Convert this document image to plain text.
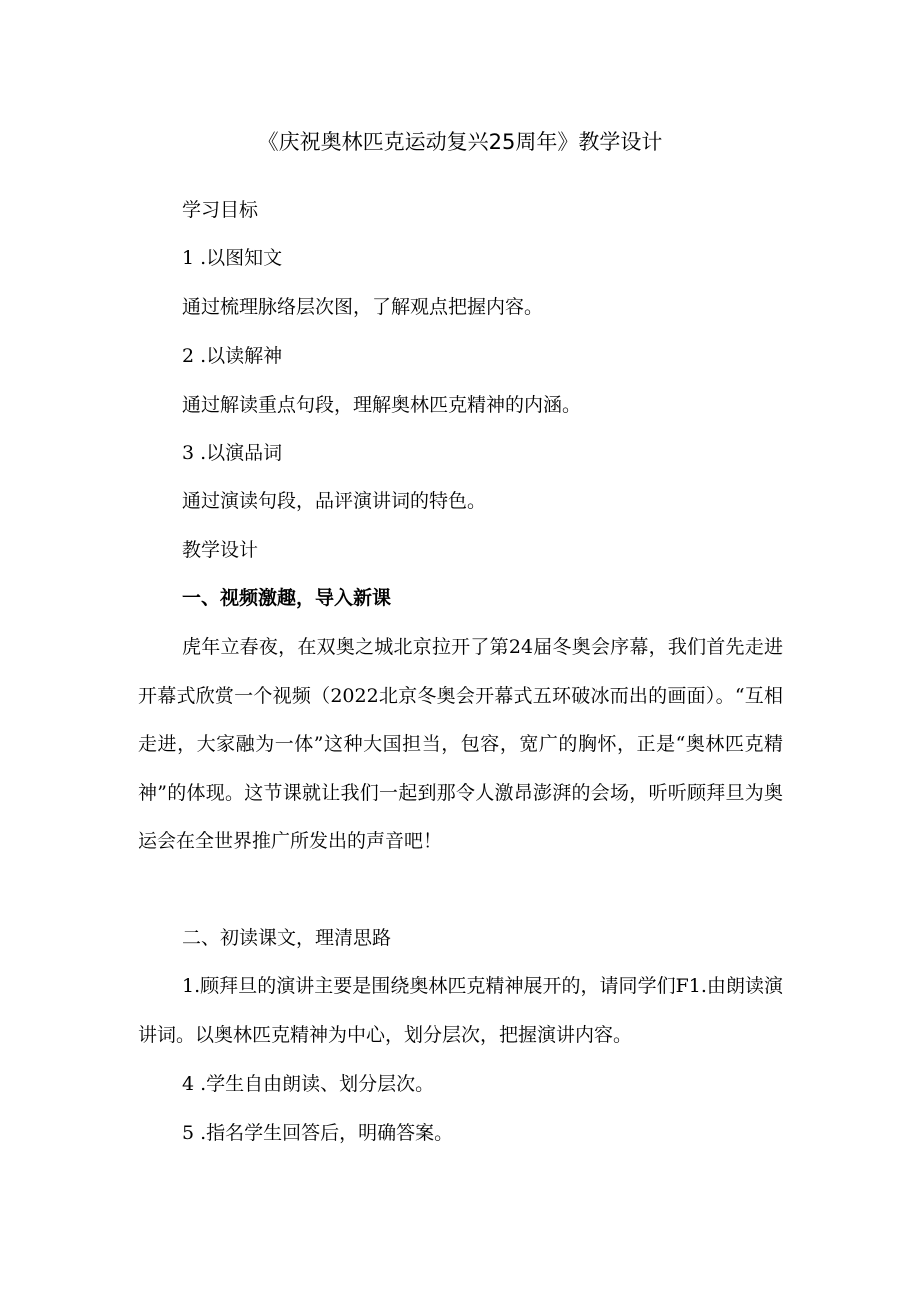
《庆祝奥林匹克运动复兴25周年》教学设计
学习目标
1 .以图知文
通过梳理脉络层次图，了解观点把握内容。
2 .以读解神
通过解读重点句段，理解奥林匹克精神的内涵。
3 .以演品词
通过演读句段，品评演讲词的特色。
教学设计
一、视频激趣，导入新课
虎年立春夜，在双奥之城北京拉开了第24届冬奥会序幕，我们首先走进开幕式欣赏一个视频（2022北京冬奥会开幕式五环破冰而出的画面）。“互相走进，大家融为一体”这种大国担当，包容，宽广的胸怀，正是“奥林匹克精神”的体现。这节课就让我们一起到那令人激昂澎湃的会场，听听顾拜旦为奥运会在全世界推广所发出的声音吧！
二、初读课文，理清思路
1.顾拜旦的演讲主要是围绕奥林匹克精神展开的，请同学们F1.由朗读演讲词。以奥林匹克精神为中心，划分层次，把握演讲内容。
4 .学生自由朗读、划分层次。
5 .指名学生回答后，明确答案。
